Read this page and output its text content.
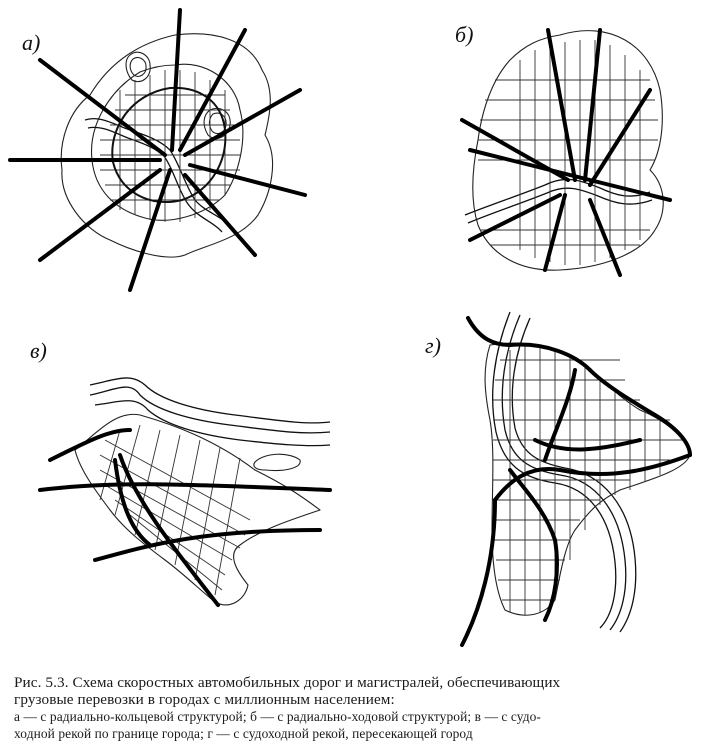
а)	б)
в)	г)
Рис. 5.3. Схема скоростных автомобильных дорог и магистралей, обеспечивающих
грузовые перевозки в городах с миллионным населением:
а — с радиально-кольцевой структурой; б — с радиально-ходовой структурой; в — с судо-
ходной рекой по границе города; г — с судоходной рекой, пересекающей город
